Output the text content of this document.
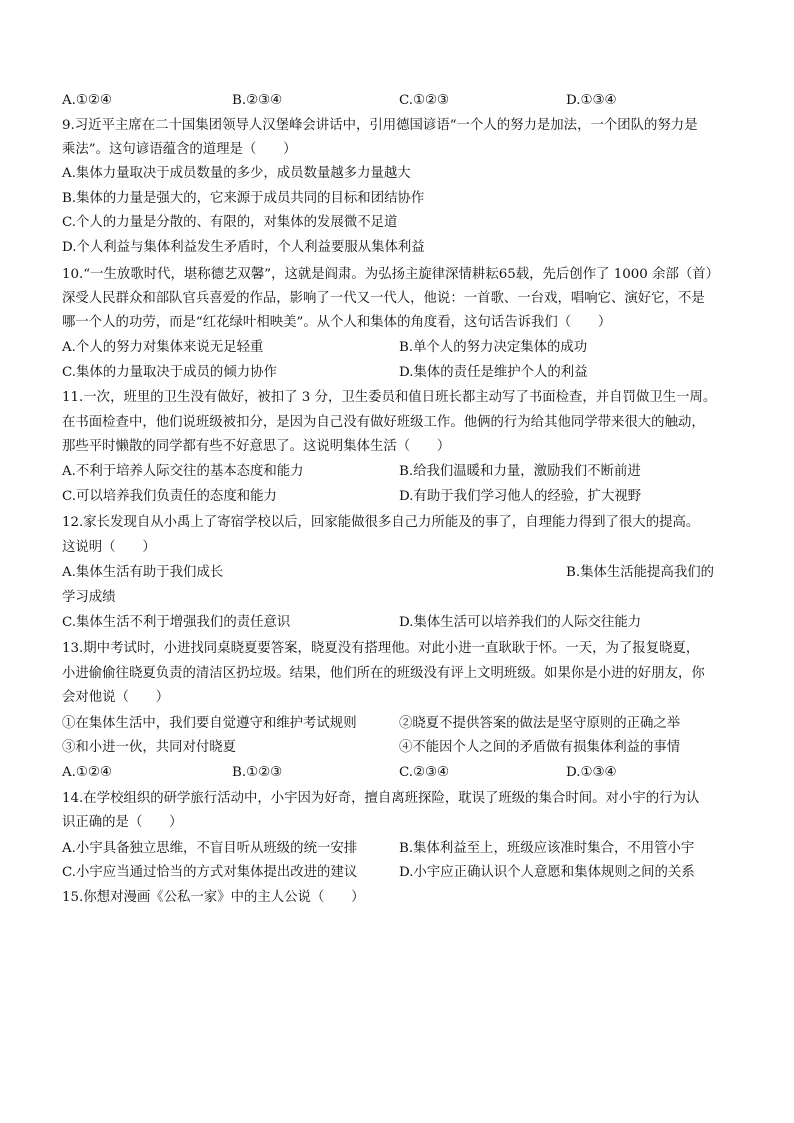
A.①②④	B.②③④	C.①②③	D.①③④
9.习近平主席在二十国集团领导人汉堡峰会讲话中，引用德国谚语“一个人的努力是加法，一个团队的努力是
乘法”。这句谚语蕴含的道理是（　　）
A.集体力量取决于成员数量的多少，成员数量越多力量越大
B.集体的力量是强大的，它来源于成员共同的目标和团结协作
C.个人的力量是分散的、有限的，对集体的发展微不足道
D.个人利益与集体利益发生矛盾时，个人利益要服从集体利益
10.“一生放歌时代，堪称德艺双馨”，这就是阎肃。为弘扬主旋律深情耕耘65载，先后创作了 1000 余部（首）
深受人民群众和部队官兵喜爱的作品，影响了一代又一代人，他说：一首歌、一台戏，唱响它、演好它，不是
哪一个人的功劳，而是“红花绿叶相映美”。从个人和集体的角度看，这句话告诉我们（　　）
A.个人的努力对集体来说无足轻重	B.单个人的努力决定集体的成功
C.集体的力量取决于成员的倾力协作	D.集体的责任是维护个人的利益
11.一次，班里的卫生没有做好，被扣了 3 分，卫生委员和值日班长都主动写了书面检查，并自罚做卫生一周。
在书面检查中，他们说班级被扣分，是因为自己没有做好班级工作。他俩的行为给其他同学带来很大的触动，
那些平时懒散的同学都有些不好意思了。这说明集体生活（　　）
A.不利于培养人际交往的基本态度和能力	B.给我们温暖和力量，激励我们不断前进
C.可以培养我们负责任的态度和能力	D.有助于我们学习他人的经验，扩大视野
12.家长发现自从小禹上了寄宿学校以后，回家能做很多自己力所能及的事了，自理能力得到了很大的提高。
这说明（　　）
A.集体生活有助于我们成长	B.集体生活能提高我们的
学习成绩
C.集体生活不利于增强我们的责任意识	D.集体生活可以培养我们的人际交往能力
13.期中考试时，小进找同桌晓夏要答案，晓夏没有搭理他。对此小进一直耿耿于怀。一天，为了报复晓夏，
小进偷偷往晓夏负责的清洁区扔垃圾。结果，他们所在的班级没有评上文明班级。如果你是小进的好朋友，你
会对他说（　　）
①在集体生活中，我们要自觉遵守和维护考试规则	②晓夏不提供答案的做法是坚守原则的正确之举
③和小进一伙，共同对付晓夏	④不能因个人之间的矛盾做有损集体利益的事情
A.①②④	B.①②③	C.②③④	D.①③④
14.在学校组织的研学旅行活动中，小宇因为好奇，擅自离班探险，耽误了班级的集合时间。对小宇的行为认
识正确的是（　　）
A.小宇具备独立思维，不盲目听从班级的统一安排	B.集体利益至上，班级应该准时集合，不用管小宇
C.小宇应当通过恰当的方式对集体提出改进的建议	D.小宇应正确认识个人意愿和集体规则之间的关系
15.你想对漫画《公私一家》中的主人公说（　　）
